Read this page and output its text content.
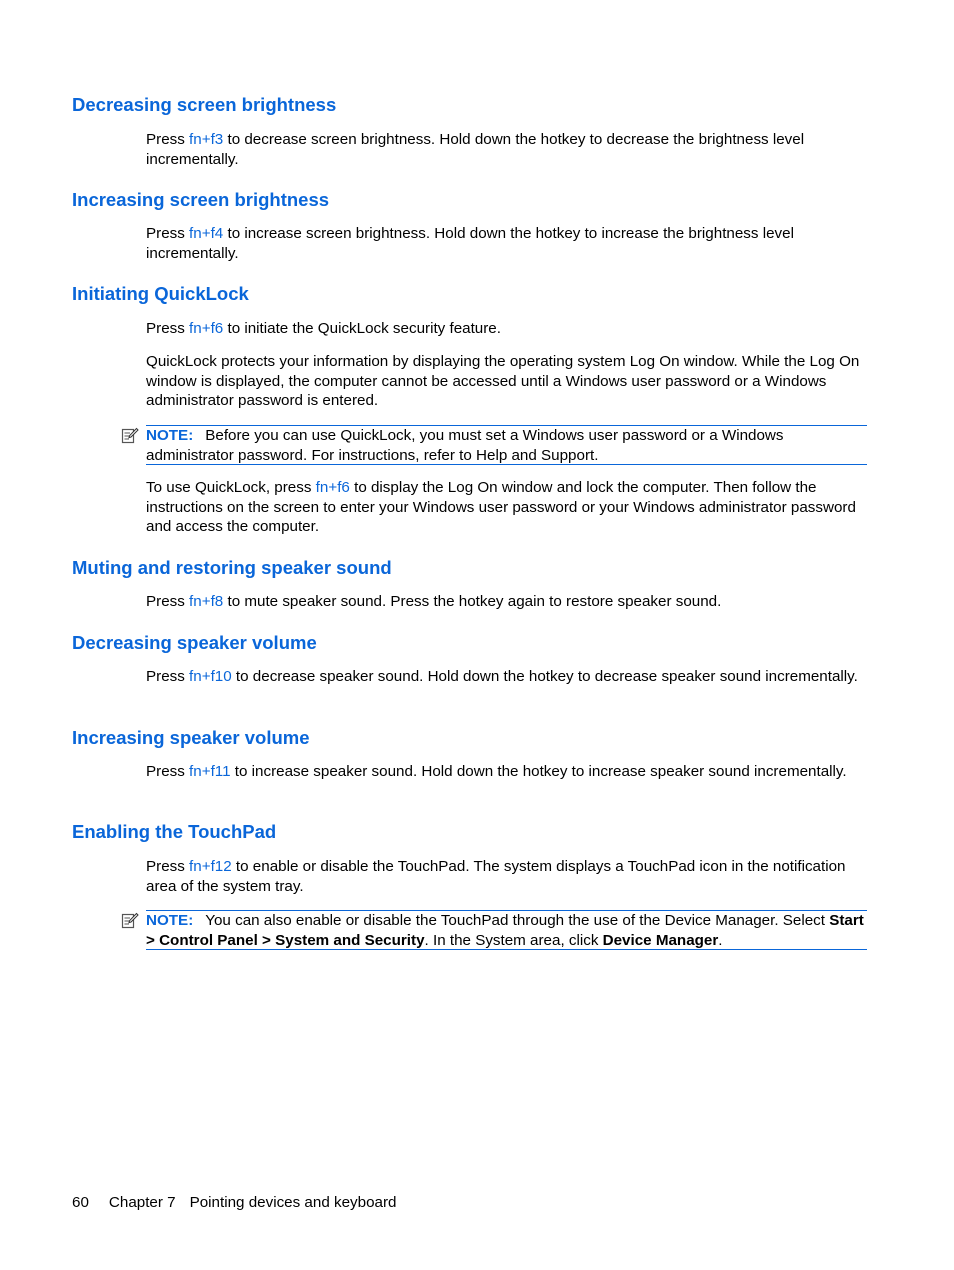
Decreasing screen brightness

Press fn+f3 to decrease screen brightness. Hold down the hotkey to decrease the brightness level incrementally.

Increasing screen brightness

Press fn+f4 to increase screen brightness. Hold down the hotkey to increase the brightness level incrementally.

Initiating QuickLock

Press fn+f6 to initiate the QuickLock security feature.

QuickLock protects your information by displaying the operating system Log On window. While the Log On window is displayed, the computer cannot be accessed until a Windows user password or a Windows administrator password is entered.

NOTE: Before you can use QuickLock, you must set a Windows user password or a Windows administrator password. For instructions, refer to Help and Support.

To use QuickLock, press fn+f6 to display the Log On window and lock the computer. Then follow the instructions on the screen to enter your Windows user password or your Windows administrator password and access the computer.

Muting and restoring speaker sound

Press fn+f8 to mute speaker sound. Press the hotkey again to restore speaker sound.

Decreasing speaker volume

Press fn+f10 to decrease speaker sound. Hold down the hotkey to decrease speaker sound incrementally.

Increasing speaker volume

Press fn+f11 to increase speaker sound. Hold down the hotkey to increase speaker sound incrementally.

Enabling the TouchPad

Press fn+f12 to enable or disable the TouchPad. The system displays a TouchPad icon in the notification area of the system tray.

NOTE: You can also enable or disable the TouchPad through the use of the Device Manager. Select Start > Control Panel > System and Security. In the System area, click Device Manager.
60 Chapter 7 Pointing devices and keyboard
